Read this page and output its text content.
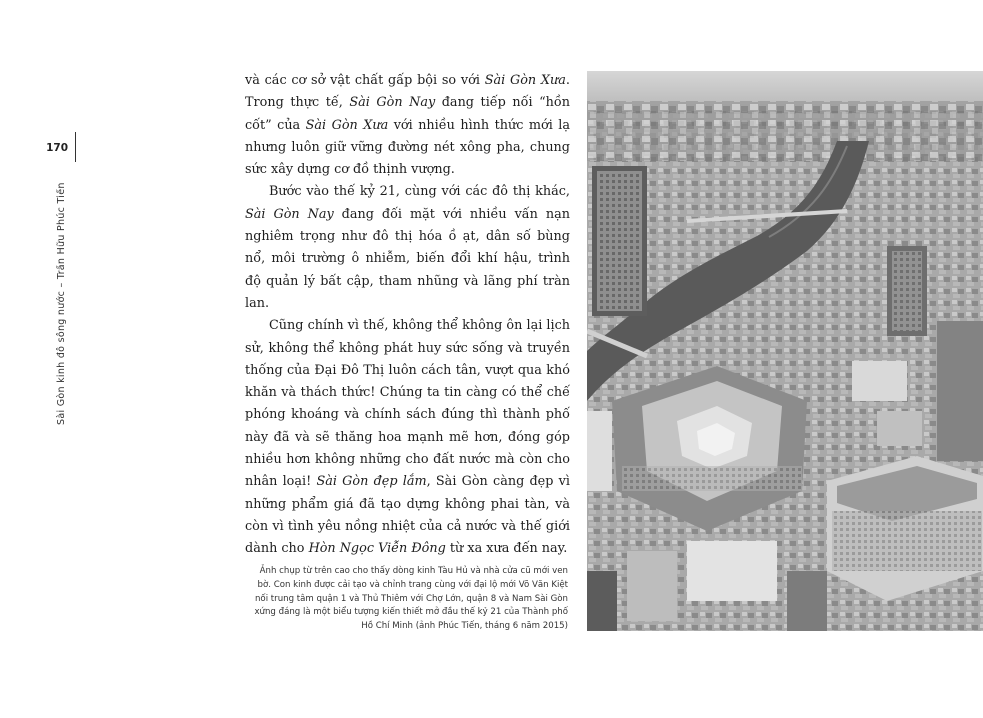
170
Sài Gòn kinh đô sông nước – Trần Hữu Phúc Tiến

và các cơ sở vật chất gấp bội so với Sài Gòn Xưa. Trong thực tế, Sài Gòn Nay đang tiếp nối “hồn cốt” của Sài Gòn Xưa với nhiều hình thức mới lạ nhưng luôn giữ vững đường nét xông pha, chung sức xây dựng cơ đồ thịnh vượng.

Bước vào thế kỷ 21, cùng với các đô thị khác, Sài Gòn Nay đang đối mặt với nhiều vấn nạn nghiêm trọng như đô thị hóa ồ ạt, dân số bùng nổ, môi trường ô nhiễm, biến đổi khí hậu, trình độ quản lý bất cập, tham nhũng và lãng phí tràn lan.

Cũng chính vì thế, không thể không ôn lại lịch sử, không thể không phát huy sức sống và truyền thống của Đại Đô Thị luôn cách tân, vượt qua khó khăn và thách thức! Chúng ta tin càng có thể chế phóng khoáng và chính sách đúng thì thành phố này đã và sẽ thăng hoa mạnh mẽ hơn, đóng góp nhiều hơn không những cho đất nước mà còn cho nhân loại! Sài Gòn đẹp lắm, Sài Gòn càng đẹp vì những phẩm giá đã tạo dựng không phai tàn, và còn vì tình yêu nồng nhiệt của cả nước và thế giới dành cho Hòn Ngọc Viễn Đông từ xa xưa đến nay.

Ảnh chụp từ trên cao cho thấy dòng kinh Tàu Hủ và nhà cửa cũ mới ven bờ. Con kinh được cải tạo và chỉnh trang cùng với đại lộ mới Võ Văn Kiệt nối trung tâm quận 1 và Thủ Thiêm với Chợ Lớn, quận 8 và Nam Sài Gòn xứng đáng là một biểu tượng kiến thiết mở đầu thế kỷ 21 của Thành phố Hồ Chí Minh (ảnh Phúc Tiến, tháng 6 năm 2015)
